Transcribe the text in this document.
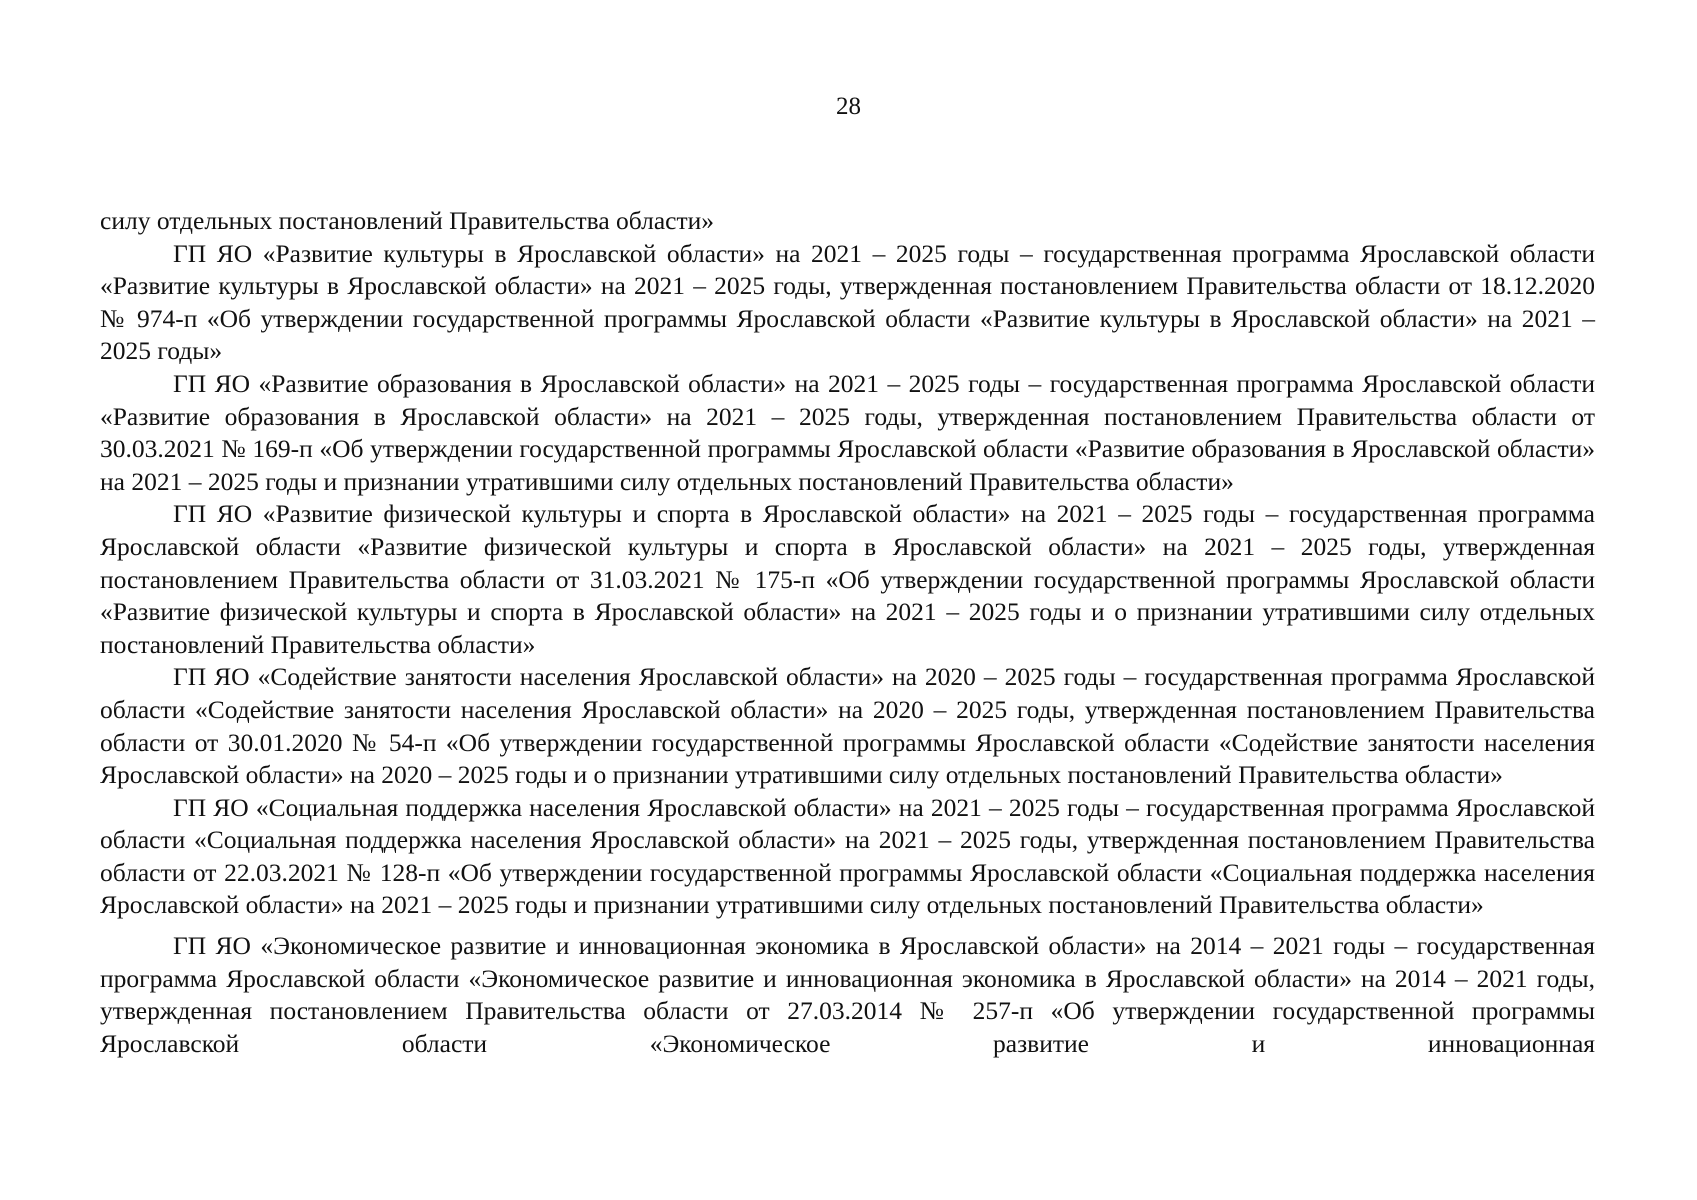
28

силу отдельных постановлений Правительства области»

ГП ЯО «Развитие культуры в Ярославской области» на 2021 – 2025 годы – государственная программа Ярославской области «Развитие культуры в Ярославской области» на 2021 – 2025 годы, утвержденная постановлением Правительства области от 18.12.2020 № 974-п «Об утверждении государственной программы Ярославской области «Развитие культуры в Ярославской области» на 2021 – 2025 годы»

ГП ЯО «Развитие образования в Ярославской области» на 2021 – 2025 годы – государственная программа Ярославской области «Развитие образования в Ярославской области» на 2021 – 2025 годы, утвержденная постановлением Правительства области от 30.03.2021 № 169-п «Об утверждении государственной программы Ярославской области «Развитие образования в Ярославской области» на 2021 – 2025 годы и признании утратившими силу отдельных постановлений Правительства области»

ГП ЯО «Развитие физической культуры и спорта в Ярославской области» на 2021 – 2025 годы – государственная программа Ярославской области «Развитие физической культуры и спорта в Ярославской области» на 2021 – 2025 годы, утвержденная постановлением Правительства области от 31.03.2021 № 175-п «Об утверждении государственной программы Ярославской области «Развитие физической культуры и спорта в Ярославской области» на 2021 – 2025 годы и о признании утратившими силу отдельных постановлений Правительства области»

ГП ЯО «Содействие занятости населения Ярославской области» на 2020 – 2025 годы – государственная программа Ярославской области «Содействие занятости населения Ярославской области» на 2020 – 2025 годы, утвержденная постановлением Правительства области от 30.01.2020 № 54-п «Об утверждении государственной программы Ярославской области «Содействие занятости населения Ярославской области» на 2020 – 2025 годы и о признании утратившими силу отдельных постановлений Правительства области»

ГП ЯО «Социальная поддержка населения Ярославской области» на 2021 – 2025 годы – государственная программа Ярославской области «Социальная поддержка населения Ярославской области» на 2021 – 2025 годы, утвержденная постановлением Правительства области от 22.03.2021 № 128-п «Об утверждении государственной программы Ярославской области «Социальная поддержка населения Ярославской области» на 2021 – 2025 годы и признании утратившими силу отдельных постановлений Правительства области»

ГП ЯО «Экономическое развитие и инновационная экономика в Ярославской области» на 2014 – 2021 годы – государственная программа Ярославской области «Экономическое развитие и инновационная экономика в Ярославской области» на 2014 – 2021 годы, утвержденная постановлением Правительства области от 27.03.2014 № 257-п «Об утверждении государственной программы Ярославской области «Экономическое развитие и инновационная
